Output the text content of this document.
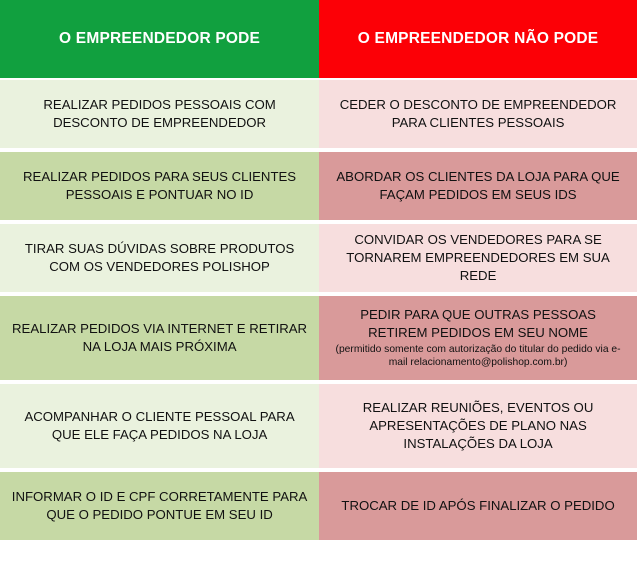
O EMPREENDEDOR PODE	O EMPREENDEDOR NÃO PODE
REALIZAR PEDIDOS PESSOAIS COM DESCONTO DE EMPREENDEDOR
CEDER O DESCONTO DE EMPREENDEDOR PARA CLIENTES PESSOAIS
REALIZAR PEDIDOS PARA SEUS CLIENTES PESSOAIS E PONTUAR NO ID
ABORDAR OS CLIENTES DA LOJA PARA QUE FAÇAM PEDIDOS EM SEUS IDS
TIRAR SUAS DÚVIDAS SOBRE PRODUTOS COM OS VENDEDORES POLISHOP
CONVIDAR OS VENDEDORES PARA SE TORNAREM EMPREENDEDORES EM SUA REDE
REALIZAR PEDIDOS VIA INTERNET E RETIRAR NA LOJA MAIS PRÓXIMA
PEDIR PARA QUE OUTRAS PESSOAS RETIREM PEDIDOS EM SEU NOME
(permitido somente com autorização do titular do pedido via e-mail relacionamento@polishop.com.br)
ACOMPANHAR O CLIENTE PESSOAL PARA QUE ELE FAÇA PEDIDOS NA LOJA
REALIZAR REUNIÕES, EVENTOS OU APRESENTAÇÕES DE PLANO NAS INSTALAÇÕES DA LOJA
INFORMAR O ID E CPF CORRETAMENTE PARA QUE O PEDIDO PONTUE EM SEU ID
TROCAR DE ID APÓS FINALIZAR O PEDIDO
